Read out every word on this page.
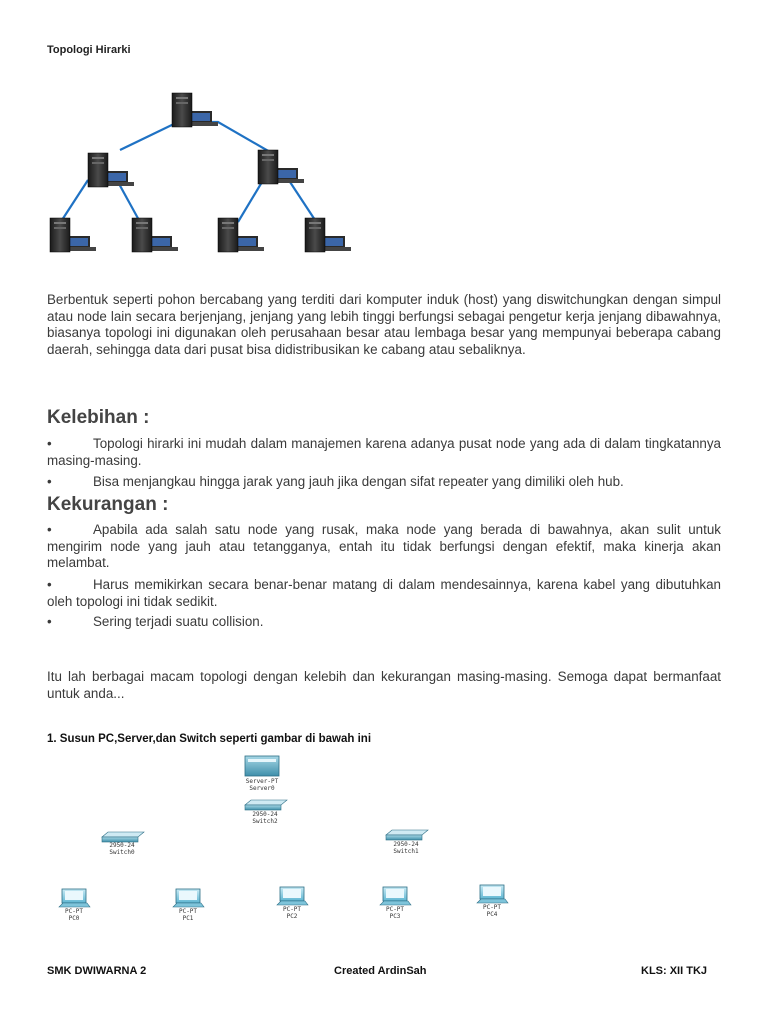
Topologi Hirarki
Berbentuk seperti pohon bercabang yang terditi dari komputer induk (host) yang diswitchungkan dengan simpul atau node lain secara berjenjang, jenjang yang lebih tinggi berfungsi sebagai pengetur kerja jenjang dibawahnya, biasanya topologi ini digunakan oleh perusahaan besar atau lembaga besar yang mempunyai beberapa cabang daerah, sehingga data dari pusat bisa didistribusikan ke cabang atau sebaliknya.
Kelebihan :
•	Topologi hirarki ini mudah dalam manajemen karena adanya pusat node yang ada di dalam tingkatannya masing-masing.
•	Bisa menjangkau hingga jarak yang jauh jika dengan sifat repeater yang dimiliki oleh hub.
Kekurangan :
•	Apabila ada salah satu node yang rusak, maka node yang berada di bawahnya, akan sulit untuk mengirim node yang jauh atau tetangganya, entah itu tidak berfungsi dengan efektif, maka kinerja akan melambat.
•	Harus memikirkan secara benar-benar matang di dalam mendesainnya, karena kabel yang dibutuhkan oleh topologi ini tidak sedikit.
•	Sering terjadi suatu collision.
Itu lah berbagai macam topologi dengan kelebih dan kekurangan masing-masing. Semoga dapat bermanfaat untuk anda...
1. Susun PC,Server,dan Switch seperti gambar di bawah ini
Server-PT
Server0
2950-24
Switch2
2950-24
Switch0
2950-24
Switch1
PC-PT
PC0
PC-PT
PC1
PC-PT
PC2
PC-PT
PC3
PC-PT
PC4
SMK DWIWARNA 2	Created ArdinSah	KLS: XII TKJ
